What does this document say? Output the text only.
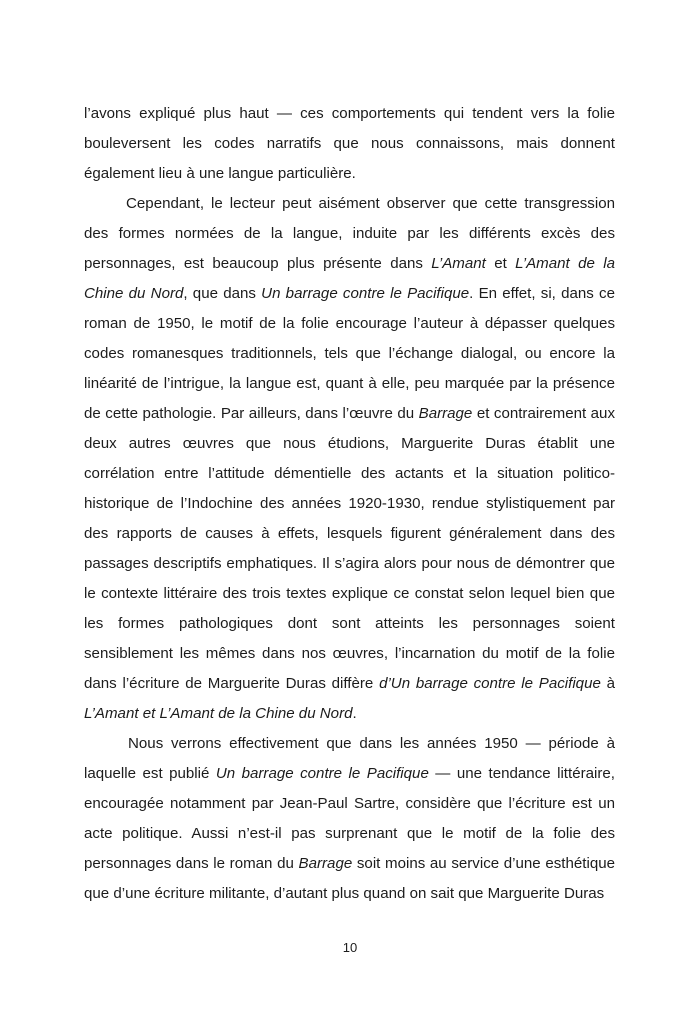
l’avons expliqué plus haut — ces comportements qui tendent vers la folie bouleversent les codes narratifs que nous connaissons, mais donnent également lieu à une langue particulière.

Cependant, le lecteur peut aisément observer que cette transgression des formes normées de la langue, induite par les différents excès des personnages, est beaucoup plus présente dans L’Amant et L’Amant de la Chine du Nord, que dans Un barrage contre le Pacifique. En effet, si, dans ce roman de 1950, le motif de la folie encourage l’auteur à dépasser quelques codes romanesques traditionnels, tels que l’échange dialogal, ou encore la linéarité de l’intrigue, la langue est, quant à elle, peu marquée par la présence de cette pathologie. Par ailleurs, dans l’œuvre du Barrage et contrairement aux deux autres œuvres que nous étudions, Marguerite Duras établit une corrélation entre l’attitude démentielle des actants et la situation politico-historique de l’Indochine des années 1920-1930, rendue stylistiquement par des rapports de causes à effets, lesquels figurent généralement dans des passages descriptifs emphatiques. Il s’agira alors pour nous de démontrer que le contexte littéraire des trois textes explique ce constat selon lequel bien que les formes pathologiques dont sont atteints les personnages soient sensiblement les mêmes dans nos œuvres, l’incarnation du motif de la folie dans l’écriture de Marguerite Duras diffère d’Un barrage contre le Pacifique à L’Amant et L’Amant de la Chine du Nord.

Nous verrons effectivement que dans les années 1950 — période à laquelle est publié Un barrage contre le Pacifique — une tendance littéraire, encouragée notamment par Jean-Paul Sartre, considère que l’écriture est un acte politique. Aussi n’est-il pas surprenant que le motif de la folie des personnages dans le roman du Barrage soit moins au service d’une esthétique que d’une écriture militante, d’autant plus quand on sait que Marguerite Duras

10
